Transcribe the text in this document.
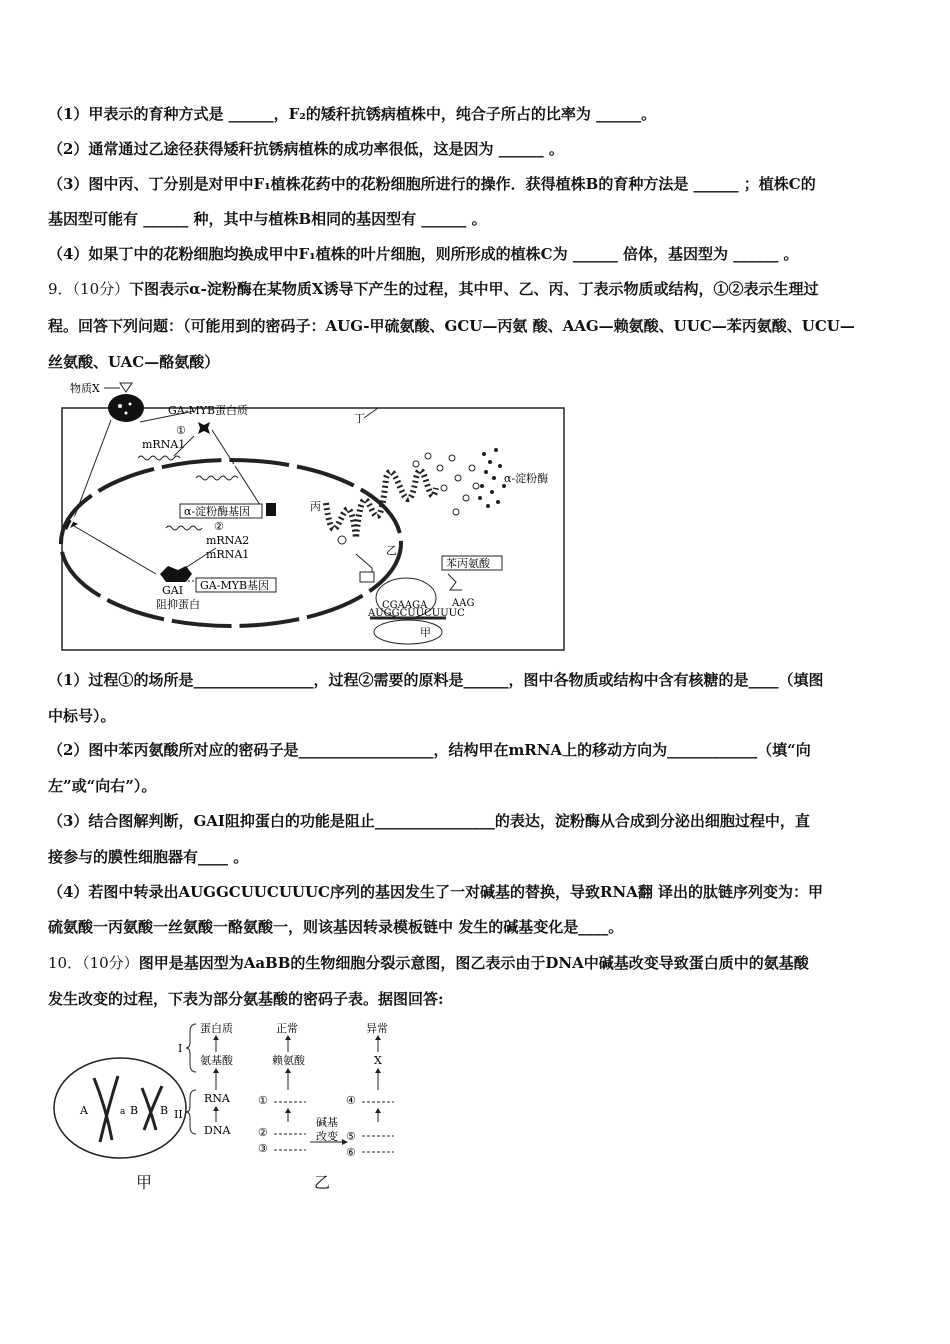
（1）甲表示的育种方式是 ______，F₂的矮秆抗锈病植株中，纯合子所占的比率为 ______。
（2）通常通过乙途径获得矮秆抗锈病植株的成功率很低，这是因为 ______ 。
（3）图中丙、丁分别是对甲中F₁植株花药中的花粉细胞所进行的操作．获得植株B的育种方法是 ______ ；植株C的
基因型可能有 ______ 种，其中与植株B相同的基因型有 ______ 。
（4）如果丁中的花粉细胞均换成甲中F₁植株的叶片细胞，则所形成的植株C为 ______ 倍体，基因型为 ______ 。
9．（10分）下图表示α-淀粉酶在某物质X诱导下产生的过程，其中甲、乙、丙、丁表示物质或结构，①②表示生理过
程。回答下列问题：（可能用到的密码子：AUG-甲硫氨酸、GCU—丙氨 酸、AAG—赖氨酸、UUC—苯丙氨酸、UCU—
丝氨酸、UAC—酪氨酸）
物质X
GA-MYB蛋白质
①
mRNA1
α-淀粉酶基因
②
mRNA2
mRNA1
GAI
阻抑蛋白
GA-MYB基因
丙
乙
丁
α-淀粉酶
苯丙氨酸
AAG
CGAAGA
AUGGCUUCUUUC
甲
（1）过程①的场所是________________，过程②需要的原料是______，图中各物质或结构中含有核糖的是____（填图
中标号）。
（2）图中苯丙氨酸所对应的密码子是__________________，结构甲在mRNA上的移动方向为____________（填“向
左”或“向右”）。
（3）结合图解判断，GAI阻抑蛋白的功能是阻止________________的表达，淀粉酶从合成到分泌出细胞过程中，直
接参与的膜性细胞器有____ 。
（4）若图中转录出AUGGCUUCUUUC序列的基因发生了一对碱基的替换，导致RNA翻 译出的肽链序列变为：甲
硫氨酸一丙氨酸一丝氨酸一酪氨酸一，则该基因转录模板链中 发生的碱基变化是____。
10．（10分）图甲是基因型为AaBB的生物细胞分裂示意图，图乙表示由于DNA中碱基改变导致蛋白质中的氨基酸
发生改变的过程，下表为部分氨基酸的密码子表。据图回答:
A	a B B
蛋白质
氨基酸
RNA
DNA
I
II
正常
赖氨酸
①
②
③
碱基
改变
异常
X
④
⑤
⑥
甲	乙
